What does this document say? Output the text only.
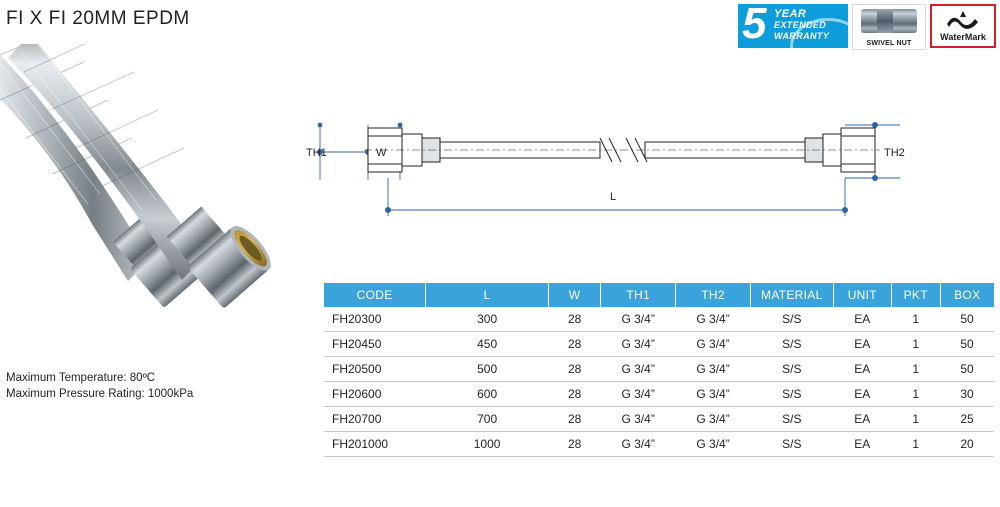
FI X FI 20MM EPDM	5 YEAR
EXTENDED
WARRANTY
SWIVEL NUT
WaterMark
Maximum Temperature: 80ºC
Maximum Pressure Rating: 1000kPa
TH1	W	TH2
L
CODE	L	W	TH1	TH2	MATERIAL	UNIT	PKT	BOX
FH20300	300	28	G 3/4”	G 3/4”	S/S	EA	1	50
FH20450	450	28	G 3/4”	G 3/4”	S/S	EA	1	50
FH20500	500	28	G 3/4”	G 3/4”	S/S	EA	1	50
FH20600	600	28	G 3/4”	G 3/4”	S/S	EA	1	30
FH20700	700	28	G 3/4”	G 3/4”	S/S	EA	1	25
FH201000	1000	28	G 3/4”	G 3/4”	S/S	EA	1	20
